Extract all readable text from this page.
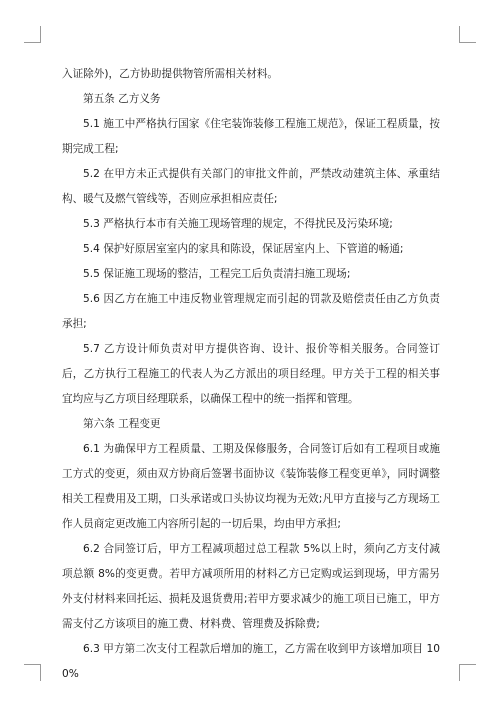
入证除外)，乙方协助提供物管所需相关材料。

第五条 乙方义务

5.1 施工中严格执行国家《住宅装饰装修工程施工规范》，保证工程质量，按期完成工程;

5.2 在甲方未正式提供有关部门的审批文件前，严禁改动建筑主体、承重结构、暖气及燃气管线等，否则应承担相应责任;

5.3 严格执行本市有关施工现场管理的规定，不得扰民及污染环境;

5.4 保护好原居室室内的家具和陈设，保证居室内上、下管道的畅通;

5.5 保证施工现场的整洁，工程完工后负责清扫施工现场;

5.6 因乙方在施工中违反物业管理规定而引起的罚款及赔偿责任由乙方负责承担;

5.7 乙方设计师负责对甲方提供咨询、设计、报价等相关服务。合同签订后，乙方执行工程施工的代表人为乙方派出的项目经理。甲方关于工程的相关事宜均应与乙方项目经理联系，以确保工程中的统一指挥和管理。

第六条 工程变更

6.1 为确保甲方工程质量、工期及保修服务，合同签订后如有工程项目或施工方式的变更，须由双方协商后签署书面协议《装饰装修工程变更单》，同时调整相关工程费用及工期，口头承诺或口头协议均视为无效;凡甲方直接与乙方现场工作人员商定更改施工内容所引起的一切后果，均由甲方承担;

6.2 合同签订后，甲方工程减项超过总工程款 5%以上时，须向乙方支付减项总额 8%的变更费。若甲方减项所用的材料乙方已定购或运到现场，甲方需另外支付材料来回托运、损耗及退货费用;若甲方要求减少的施工项目已施工，甲方需支付乙方该项目的施工费、材料费、管理费及拆除费;

6.3 甲方第二次支付工程款后增加的施工，乙方需在收到甲方该增加项目 100%
